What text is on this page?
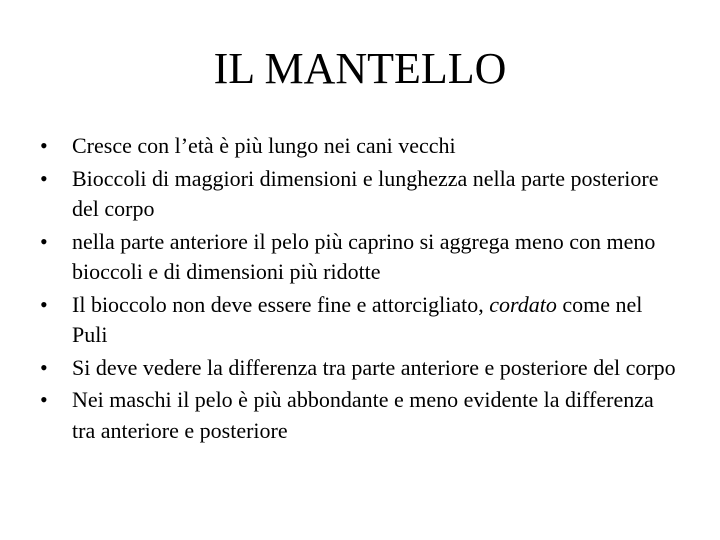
IL MANTELLO
•	Cresce con l’età è più lungo nei cani vecchi
•	Bioccoli di maggiori dimensioni e lunghezza nella parte posteriore del corpo
•	nella parte anteriore il pelo più caprino si aggrega meno con meno bioccoli e di dimensioni più ridotte
•	Il bioccolo non deve essere fine e attorcigliato, cordato come nel Puli
•	Si deve vedere la differenza tra parte anteriore e posteriore del corpo
•	Nei maschi il pelo è più abbondante e meno evidente la differenza tra anteriore e posteriore
